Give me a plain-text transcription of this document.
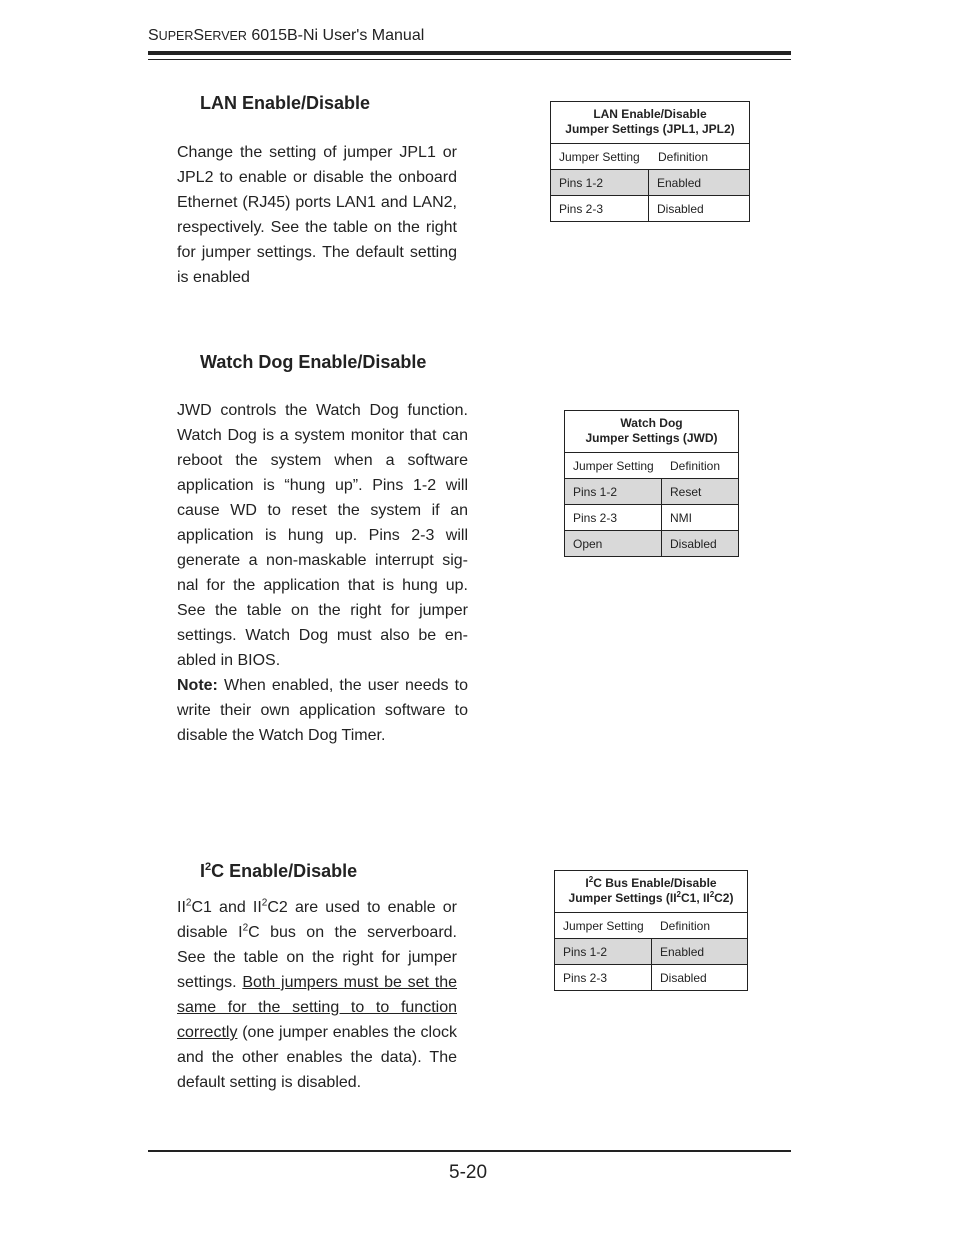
SUPERSERVER 6015B-Ni User's Manual
LAN Enable/Disable
Change the setting of jumper JPL1 or JPL2 to enable or disable the onboard Ethernet (RJ45) ports LAN1 and LAN2, respectively. See the table on the right for jumper settings. The default setting is enabled
LAN Enable/Disable
Jumper Settings (JPL1, JPL2)
Jumper Setting	Definition
Pins 1-2	Enabled
Pins 2-3	Disabled
Watch Dog Enable/Disable
JWD controls the Watch Dog function. Watch Dog is a system monitor that can reboot the system when a software application is “hung up”. Pins 1-2 will cause WD to reset the system if an application is hung up. Pins 2-3 will generate a non-maskable interrupt sig-nal for the application that is hung up. See the table on the right for jumper settings. Watch Dog must also be en-abled in BIOS.
Note: When enabled, the user needs to write their own application software to disable the Watch Dog Timer.
Watch Dog
Jumper Settings (JWD)
Jumper Setting	Definition
Pins 1-2	Reset
Pins 2-3	NMI
Open	Disabled
$I^2C$ Enable/Disable
$II^2C1$ and $II^2C2$ are used to enable or disable $I^2C$ bus on the serverboard. See the table on the right for jumper settings. Both jumpers must be set the same for the setting to to function correctly (one jumper enables the clock and the other enables the data). The default setting is disabled.
$I^2C$ Bus Enable/Disable
Jumper Settings ($II^2C1$, $II^2C2$)
Jumper Setting	Definition
Pins 1-2	Enabled
Pins 2-3	Disabled
5-20
